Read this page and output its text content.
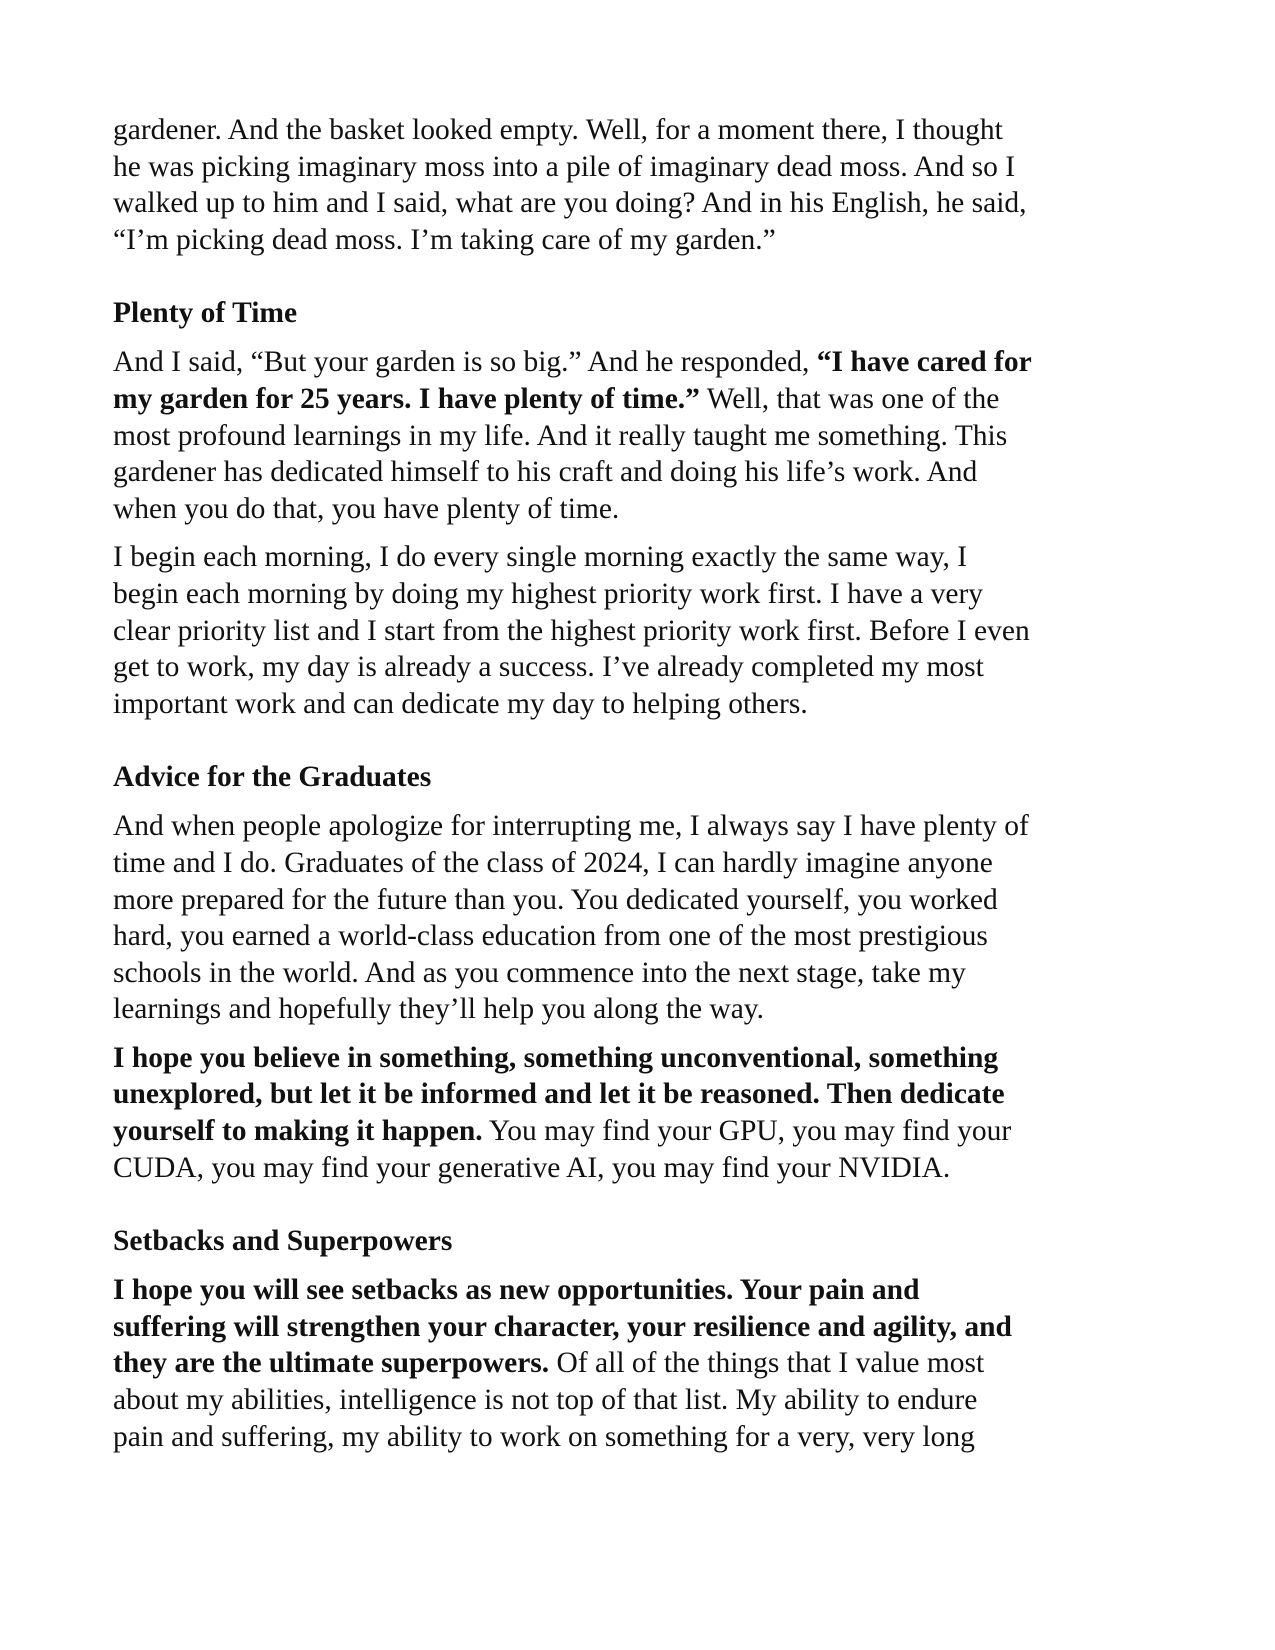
gardener. And the basket looked empty. Well, for a moment there, I thought
he was picking imaginary moss into a pile of imaginary dead moss. And so I
walked up to him and I said, what are you doing? And in his English, he said,
“I’m picking dead moss. I’m taking care of my garden.”
Plenty of Time
And I said, “But your garden is so big.” And he responded, “I have cared for
my garden for 25 years. I have plenty of time.” Well, that was one of the
most profound learnings in my life. And it really taught me something. This
gardener has dedicated himself to his craft and doing his life’s work. And
when you do that, you have plenty of time.
I begin each morning, I do every single morning exactly the same way, I
begin each morning by doing my highest priority work first. I have a very
clear priority list and I start from the highest priority work first. Before I even
get to work, my day is already a success. I’ve already completed my most
important work and can dedicate my day to helping others.
Advice for the Graduates
And when people apologize for interrupting me, I always say I have plenty of
time and I do. Graduates of the class of 2024, I can hardly imagine anyone
more prepared for the future than you. You dedicated yourself, you worked
hard, you earned a world-class education from one of the most prestigious
schools in the world. And as you commence into the next stage, take my
learnings and hopefully they’ll help you along the way.
I hope you believe in something, something unconventional, something
unexplored, but let it be informed and let it be reasoned. Then dedicate
yourself to making it happen. You may find your GPU, you may find your
CUDA, you may find your generative AI, you may find your NVIDIA.
Setbacks and Superpowers
I hope you will see setbacks as new opportunities. Your pain and
suffering will strengthen your character, your resilience and agility, and
they are the ultimate superpowers. Of all of the things that I value most
about my abilities, intelligence is not top of that list. My ability to endure
pain and suffering, my ability to work on something for a very, very long
